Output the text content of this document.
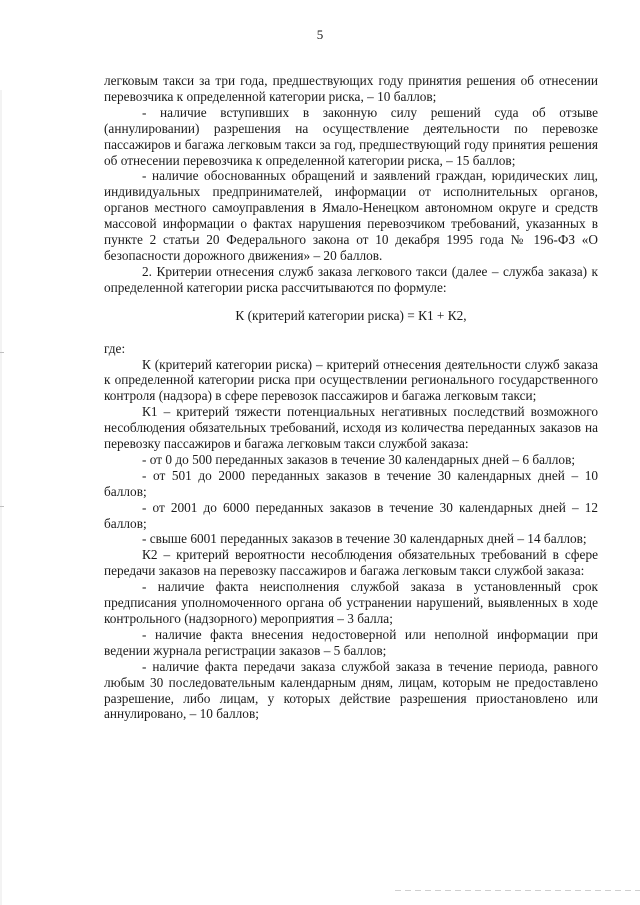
5

легковым такси за три года, предшествующих году принятия решения об отнесении перевозчика к определенной категории риска, – 10 баллов;

- наличие вступивших в законную силу решений суда об отзыве (аннулировании) разрешения на осуществление деятельности по перевозке пассажиров и багажа легковым такси за год, предшествующий году принятия решения об отнесении перевозчика к определенной категории риска, – 15 баллов;

- наличие обоснованных обращений и заявлений граждан, юридических лиц, индивидуальных предпринимателей, информации от исполнительных органов, органов местного самоуправления в Ямало-Ненецком автономном округе и средств массовой информации о фактах нарушения перевозчиком требований, указанных в пункте 2 статьи 20 Федерального закона от 10 декабря 1995 года № 196-ФЗ «О безопасности дорожного движения» – 20 баллов.

2. Критерии отнесения служб заказа легкового такси (далее – служба заказа) к определенной категории риска рассчитываются по формуле:

К (критерий категории риска) = К1 + К2,

где:

К (критерий категории риска) – критерий отнесения деятельности служб заказа к определенной категории риска при осуществлении регионального государственного контроля (надзора) в сфере перевозок пассажиров и багажа легковым такси;

К1 – критерий тяжести потенциальных негативных последствий возможного несоблюдения обязательных требований, исходя из количества переданных заказов на перевозку пассажиров и багажа легковым такси службой заказа:

- от 0 до 500 переданных заказов в течение 30 календарных дней – 6 баллов;

- от 501 до 2000 переданных заказов в течение 30 календарных дней – 10 баллов;

- от 2001 до 6000 переданных заказов в течение 30 календарных дней – 12 баллов;

- свыше 6001 переданных заказов в течение 30 календарных дней – 14 баллов;

К2 – критерий вероятности несоблюдения обязательных требований в сфере передачи заказов на перевозку пассажиров и багажа легковым такси службой заказа:

- наличие факта неисполнения службой заказа в установленный срок предписания уполномоченного органа об устранении нарушений, выявленных в ходе контрольного (надзорного) мероприятия – 3 балла;

- наличие факта внесения недостоверной или неполной информации при ведении журнала регистрации заказов – 5 баллов;

- наличие факта передачи заказа службой заказа в течение периода, равного любым 30 последовательным календарным дням, лицам, которым не предоставлено разрешение, либо лицам, у которых действие разрешения приостановлено или аннулировано, – 10 баллов;
